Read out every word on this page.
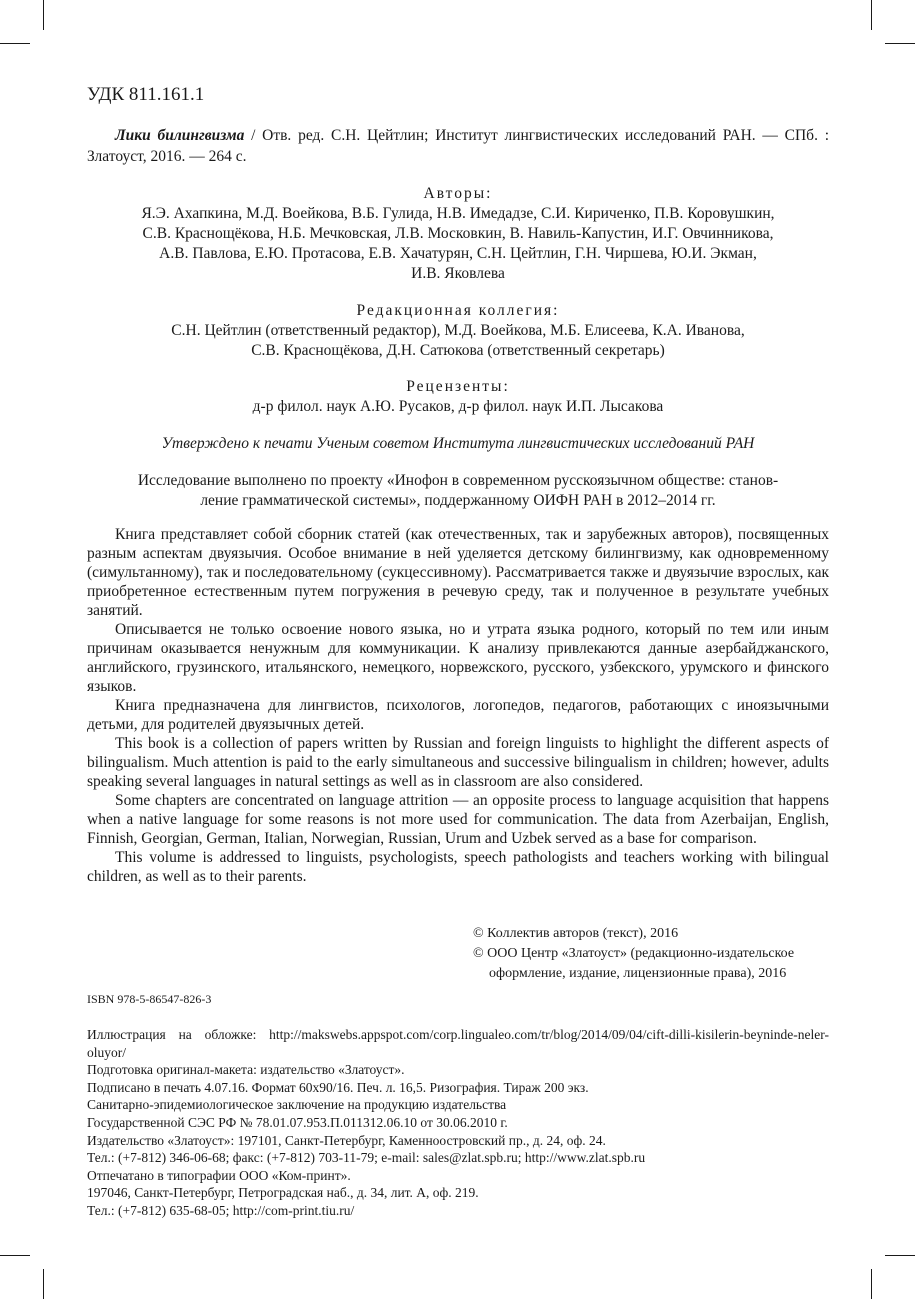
УДК 811.161.1
Лики билингвизма / Отв. ред. С.Н. Цейтлин; Институт лингвистических исследований РАН. — СПб. : Златоуст, 2016. — 264 с.
Авторы:
Я.Э. Ахапкина, М.Д. Воейкова, В.Б. Гулида, Н.В. Имедадзе, С.И. Кириченко, П.В. Коровушкин,
С.В. Краснощёкова, Н.Б. Мечковская, Л.В. Московкин, В. Навиль-Капустин, И.Г. Овчинникова,
А.В. Павлова, Е.Ю. Протасова, Е.В. Хачатурян, С.Н. Цейтлин, Г.Н. Чиршева, Ю.И. Экман,
И.В. Яковлева
Редакционная коллегия:
С.Н. Цейтлин (ответственный редактор), М.Д. Воейкова, М.Б. Елисеева, К.А. Иванова,
С.В. Краснощёкова, Д.Н. Сатюкова (ответственный секретарь)
Рецензенты:
д-р филол. наук А.Ю. Русаков, д-р филол. наук И.П. Лысакова
Утверждено к печати Ученым советом Института лингвистических исследований РАН
Исследование выполнено по проекту «Инофон в современном русскоязычном обществе: станов-
ление грамматической системы», поддержанному ОИФН РАН в 2012–2014 гг.

Книга представляет собой сборник статей (как отечественных, так и зарубежных авторов), посвященных разным аспектам двуязычия. Особое внимание в ней уделяется детскому билингвизму, как одновременному (симультанному), так и последовательному (сукцессивному). Рассматривается также и двуязычие взрослых, как приобретенное естественным путем погружения в речевую среду, так и полученное в результате учебных занятий.

Описывается не только освоение нового языка, но и утрата языка родного, который по тем или иным причинам оказывается ненужным для коммуникации. К анализу привлекаются данные азербайджанского, английского, грузинского, итальянского, немецкого, норвежского, русского, узбекского, урумского и финского языков.

Книга предназначена для лингвистов, психологов, логопедов, педагогов, работающих с иноязычными детьми, для родителей двуязычных детей.

This book is a collection of papers written by Russian and foreign linguists to highlight the different aspects of bilingualism. Much attention is paid to the early simultaneous and successive bilingualism in children; however, adults speaking several languages in natural settings as well as in classroom are also considered.

Some chapters are concentrated on language attrition — an opposite process to language acquisition that happens when a native language for some reasons is not more used for communication. The data from Azerbaijan, English, Finnish, Georgian, German, Italian, Norwegian, Russian, Urum and Uzbek served as a base for comparison.

This volume is addressed to linguists, psychologists, speech pathologists and teachers working with bilingual children, as well as to their parents.

© Коллектив авторов (текст), 2016
© ООО Центр «Златоуст» (редакционно-издательское
оформление, издание, лицензионные права), 2016
ISBN 978-5-86547-826-3
Иллюстрация на обложке: http://makswebs.appspot.com/corp.lingualeo.com/tr/blog/2014/09/04/cift-dilli-kisilerin-beyninde-neler-oluyor/
Подготовка оригинал-макета: издательство «Златоуст».
Подписано в печать 4.07.16. Формат 60х90/16. Печ. л. 16,5. Ризография. Тираж 200 экз.
Санитарно-эпидемиологическое заключение на продукцию издательства
Государственной СЭС РФ № 78.01.07.953.П.011312.06.10 от 30.06.2010 г.
Издательство «Златоуст»: 197101, Санкт-Петербург, Каменноостровский пр., д. 24, оф. 24.
Тел.: (+7-812) 346-06-68; факс: (+7-812) 703-11-79; e-mail: sales@zlat.spb.ru; http://www.zlat.spb.ru
Отпечатано в типографии ООО «Ком-принт».
197046, Санкт-Петербург, Петроградская наб., д. 34, лит. А, оф. 219.
Тел.: (+7-812) 635-68-05; http://com-print.tiu.ru/
